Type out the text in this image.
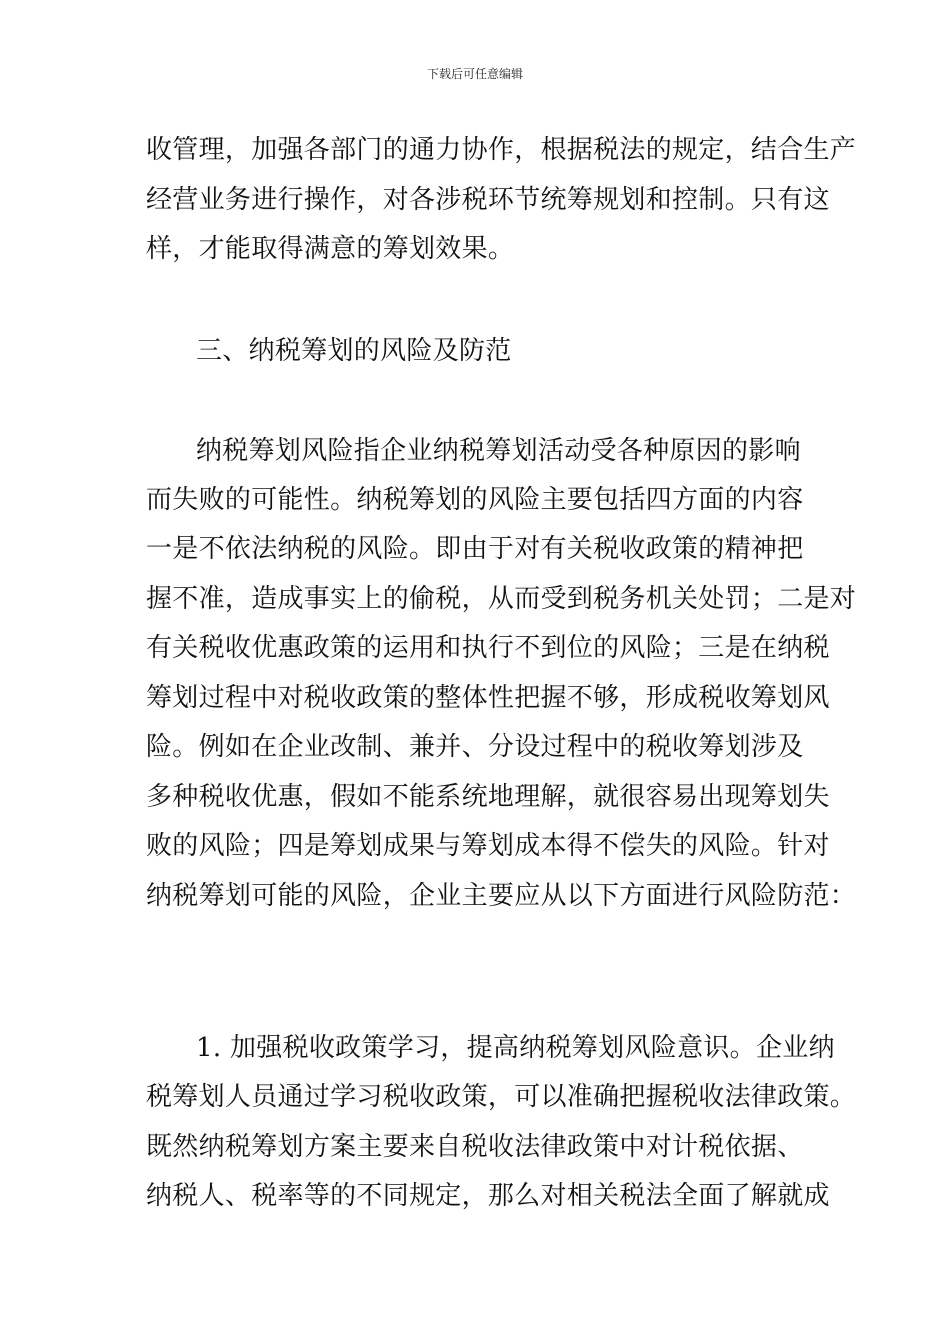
下载后可任意编辑
收管理，加强各部门的通力协作，根据税法的规定，结合生产
经营业务进行操作，对各涉税环节统筹规划和控制。只有这
样，才能取得满意的筹划效果。
三、纳税筹划的风险及防范
纳税筹划风险指企业纳税筹划活动受各种原因的影响
而失败的可能性。纳税筹划的风险主要包括四方面的内容
一是不依法纳税的风险。即由于对有关税收政策的精神把
握不准，造成事实上的偷税，从而受到税务机关处罚；二是对
有关税收优惠政策的运用和执行不到位的风险；三是在纳税
筹划过程中对税收政策的整体性把握不够，形成税收筹划风
险。例如在企业改制、兼并、分设过程中的税收筹划涉及
多种税收优惠，假如不能系统地理解，就很容易出现筹划失
败的风险；四是筹划成果与筹划成本得不偿失的风险。针对
纳税筹划可能的风险，企业主要应从以下方面进行风险防范：
1. 加强税收政策学习，提高纳税筹划风险意识。企业纳
税筹划人员通过学习税收政策，可以准确把握税收法律政策。
既然纳税筹划方案主要来自税收法律政策中对计税依据、
纳税人、税率等的不同规定，那么对相关税法全面了解就成
